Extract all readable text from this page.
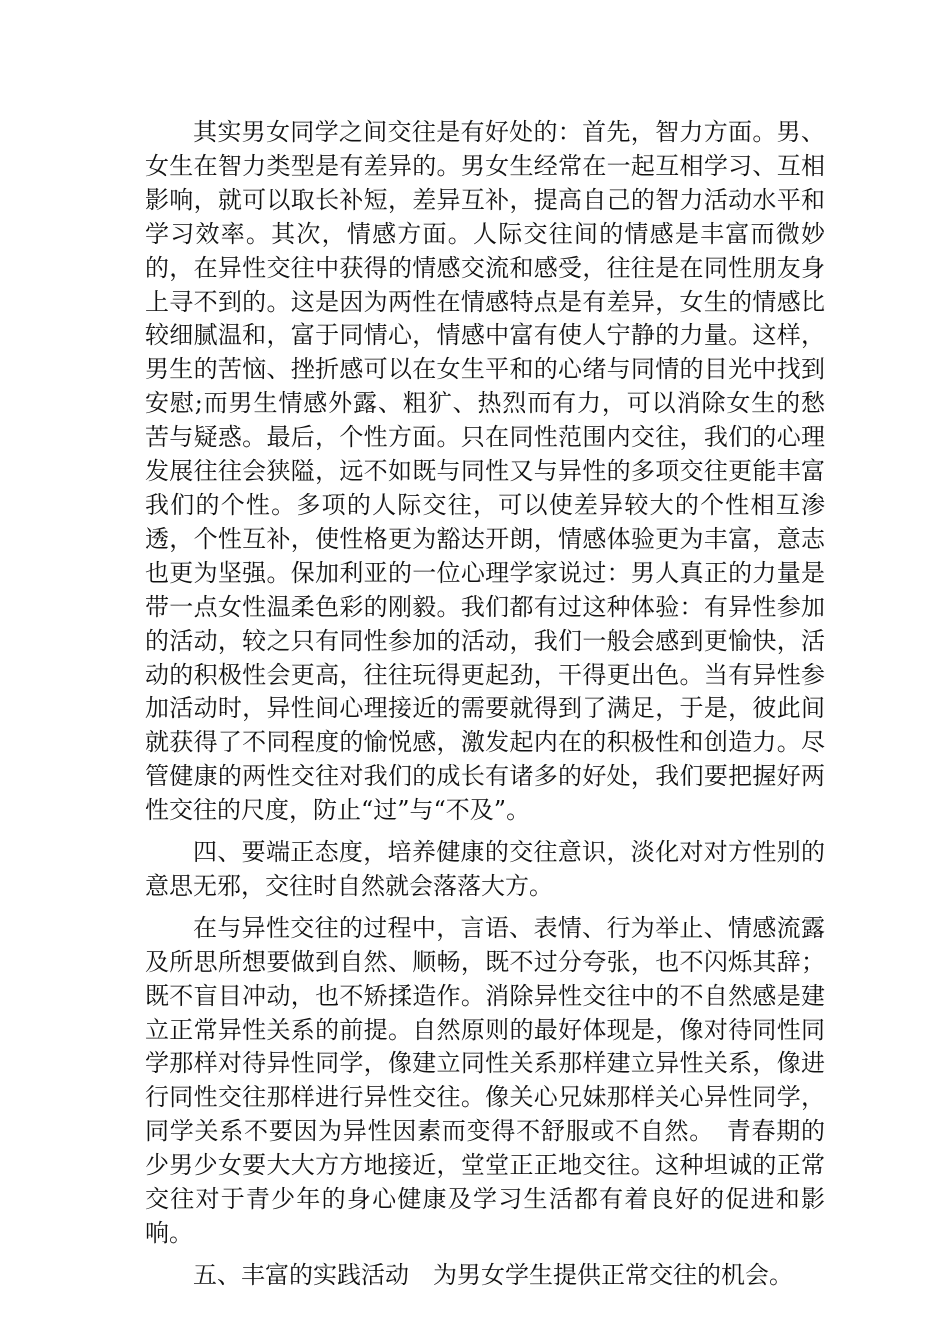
其实男女同学之间交往是有好处的：首先，智力方面。男、女生在智力类型是有差异的。男女生经常在一起互相学习、互相影响，就可以取长补短，差异互补，提高自己的智力活动水平和学习效率。其次，情感方面。人际交往间的情感是丰富而微妙的，在异性交往中获得的情感交流和感受，往往是在同性朋友身上寻不到的。这是因为两性在情感特点是有差异，女生的情感比较细腻温和，富于同情心，情感中富有使人宁静的力量。这样，男生的苦恼、挫折感可以在女生平和的心绪与同情的目光中找到安慰;而男生情感外露、粗犷、热烈而有力，可以消除女生的愁苦与疑惑。最后，个性方面。只在同性范围内交往，我们的心理发展往往会狭隘，远不如既与同性又与异性的多项交往更能丰富我们的个性。多项的人际交往，可以使差异较大的个性相互渗透，个性互补，使性格更为豁达开朗，情感体验更为丰富，意志也更为坚强。保加利亚的一位心理学家说过：男人真正的力量是带一点女性温柔色彩的刚毅。我们都有过这种体验：有异性参加的活动，较之只有同性参加的活动，我们一般会感到更愉快，活动的积极性会更高，往往玩得更起劲，干得更出色。当有异性参加活动时，异性间心理接近的需要就得到了满足，于是，彼此间就获得了不同程度的愉悦感，激发起内在的积极性和创造力。尽管健康的两性交往对我们的成长有诸多的好处，我们要把握好两性交往的尺度，防止“过”与“不及”。

四、要端正态度，培养健康的交往意识，淡化对对方性别的意思无邪，交往时自然就会落落大方。

在与异性交往的过程中，言语、表情、行为举止、情感流露及所思所想要做到自然、顺畅，既不过分夸张，也不闪烁其辞；既不盲目冲动，也不矫揉造作。消除异性交往中的不自然感是建立正常异性关系的前提。自然原则的最好体现是，像对待同性同学那样对待异性同学，像建立同性关系那样建立异性关系，像进行同性交往那样进行异性交往。像关心兄妹那样关心异性同学，同学关系不要因为异性因素而变得不舒服或不自然。　青春期的少男少女要大大方方地接近，堂堂正正地交往。这种坦诚的正常交往对于青少年的身心健康及学习生活都有着良好的促进和影响。

五、丰富的实践活动　为男女学生提供正常交往的机会。
